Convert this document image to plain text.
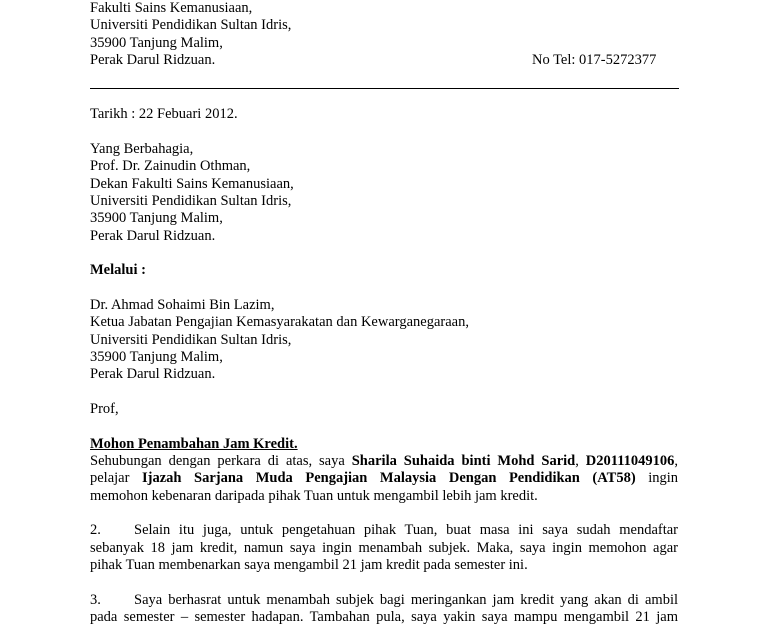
Fakulti Sains Kemanusiaan,
Universiti Pendidikan Sultan Idris,
35900 Tanjung Malim,
Perak Darul Ridzuan.	No Tel: 017-5272377
Tarikh : 22 Febuari 2012.
Yang Berbahagia,
Prof. Dr. Zainudin Othman,
Dekan Fakulti Sains Kemanusiaan,
Universiti Pendidikan Sultan Idris,
35900 Tanjung Malim,
Perak Darul Ridzuan.
Melalui :
Dr. Ahmad Sohaimi Bin Lazim,
Ketua Jabatan Pengajian Kemasyarakatan dan Kewarganegaraan,
Universiti Pendidikan Sultan Idris,
35900 Tanjung Malim,
Perak Darul Ridzuan.
Prof,
Mohon Penambahan Jam Kredit.
Sehubungan dengan perkara di atas, saya Sharila Suhaida binti Mohd Sarid, D20111049106,
pelajar Ijazah Sarjana Muda Pengajian Malaysia Dengan Pendidikan (AT58) ingin
memohon kebenaran daripada pihak Tuan untuk mengambil lebih jam kredit.
2. Selain itu juga, untuk pengetahuan pihak Tuan, buat masa ini saya sudah mendaftar
sebanyak 18 jam kredit, namun saya ingin menambah subjek. Maka, saya ingin memohon agar
pihak Tuan membenarkan saya mengambil 21 jam kredit pada semester ini.
3. Saya berhasrat untuk menambah subjek bagi meringankan jam kredit yang akan di ambil
pada semester – semester hadapan. Tambahan pula, saya yakin saya mampu mengambil 21 jam
